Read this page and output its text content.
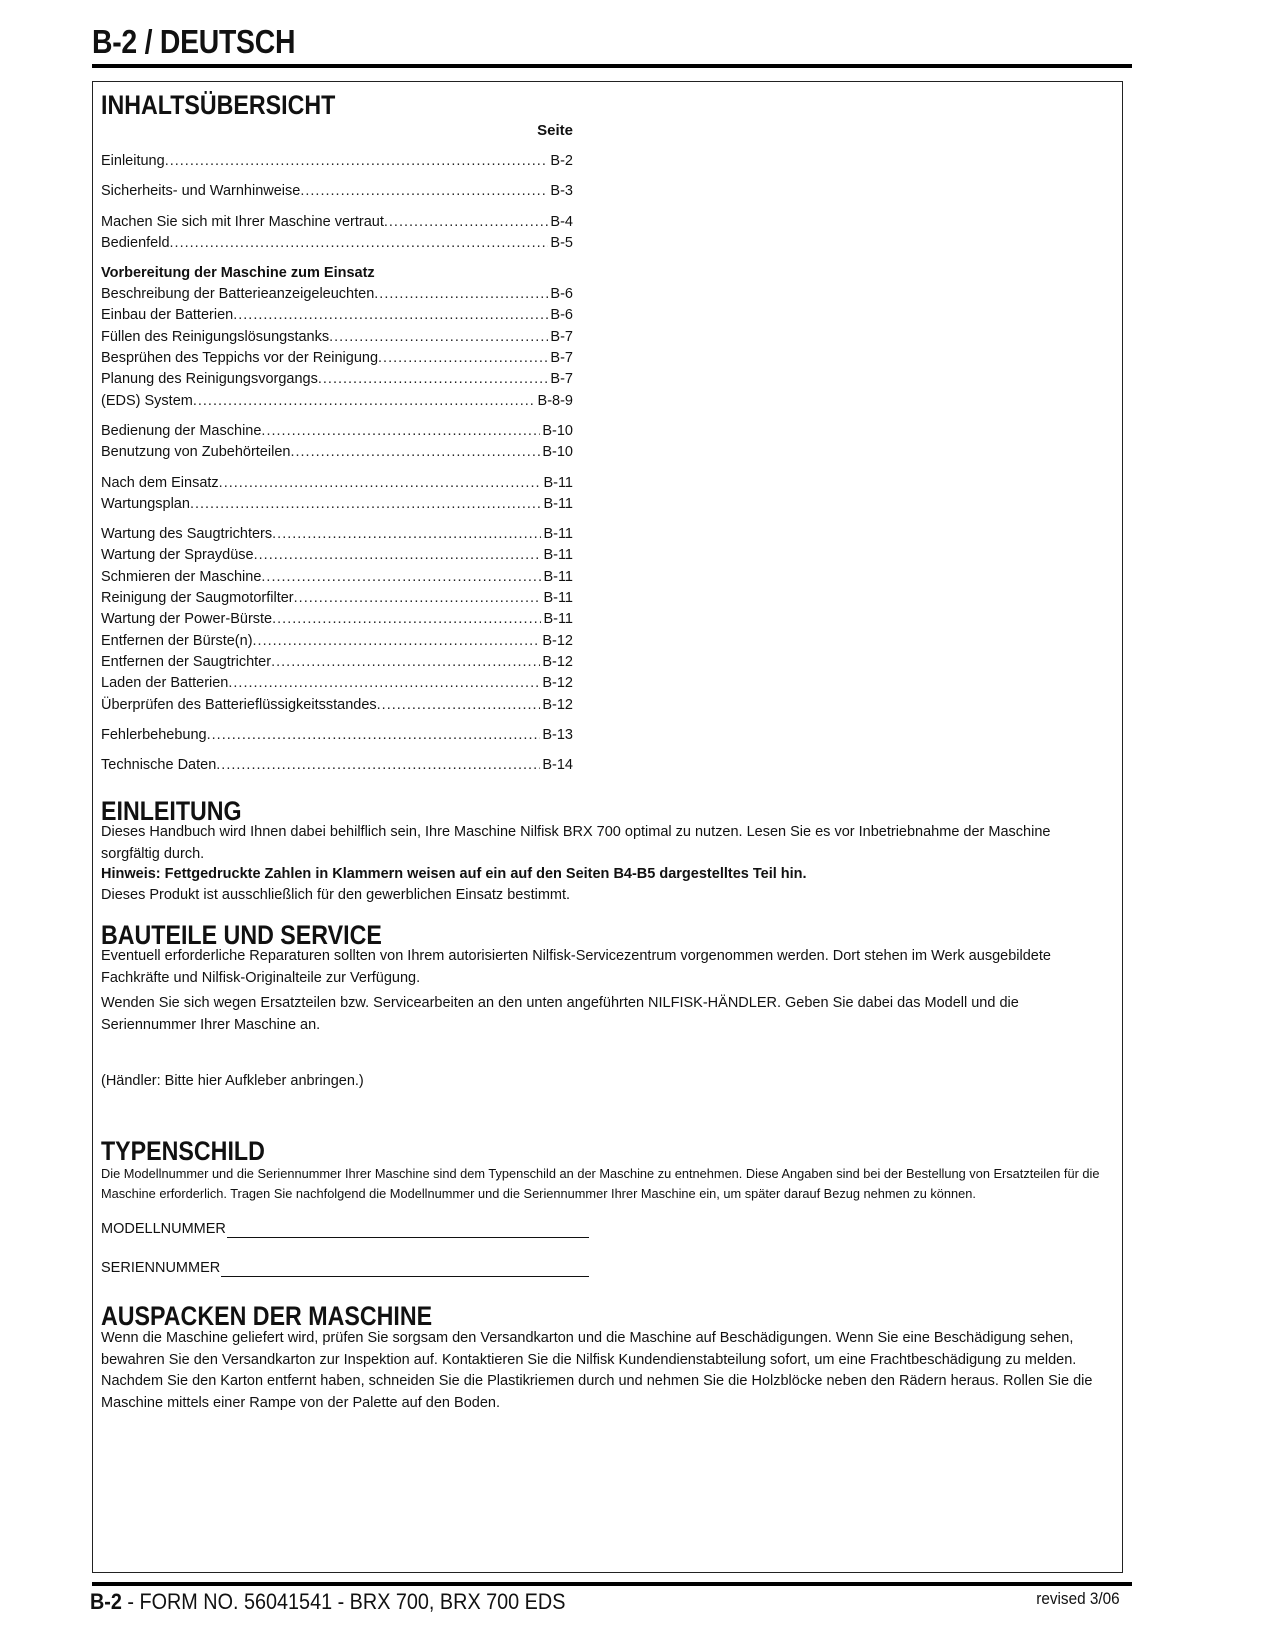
B-2 / DEUTSCH
INHALTSÜBERSICHT
Seite
Einleitung .....	B-2
Sicherheits- und Warnhinweise .....	B-3
Machen Sie sich mit Ihrer Maschine vertraut .....	B-4
Bedienfeld .....	B-5
Vorbereitung der Maschine zum Einsatz
Beschreibung der Batterieanzeigeleuchten .....	B-6
Einbau der Batterien .....	B-6
Füllen des Reinigungslösungstanks .....	B-7
Besprühen des Teppichs vor der Reinigung .....	B-7
Planung des Reinigungsvorgangs .....	B-7
(EDS) System .....	B-8-9
Bedienung der Maschine .....	B-10
Benutzung von Zubehörteilen .....	B-10
Nach dem Einsatz .....	B-11
Wartungsplan .....	B-11
Wartung des Saugtrichters .....	B-11
Wartung der Spraydüse .....	B-11
Schmieren der Maschine .....	B-11
Reinigung der Saugmotorfilter .....	B-11
Wartung der Power-Bürste .....	B-11
Entfernen der Bürste(n) .....	B-12
Entfernen der Saugtrichter .....	B-12
Laden der Batterien .....	B-12
Überprüfen des Batterieflüssigkeitsstandes .....	B-12
Fehlerbehebung .....	B-13
Technische Daten .....	B-14
EINLEITUNG

Dieses Handbuch wird Ihnen dabei behilflich sein, Ihre Maschine Nilfisk BRX 700 optimal zu nutzen. Lesen Sie es vor Inbetriebnahme der Maschine sorgfältig durch.

Hinweis: Fettgedruckte Zahlen in Klammern weisen auf ein auf den Seiten B4-B5 dargestelltes Teil hin.

Dieses Produkt ist ausschließlich für den gewerblichen Einsatz bestimmt.

BAUTEILE UND SERVICE

Eventuell erforderliche Reparaturen sollten von Ihrem autorisierten Nilfisk-Servicezentrum vorgenommen werden. Dort stehen im Werk ausgebildete Fachkräfte und Nilfisk-Originalteile zur Verfügung.

Wenden Sie sich wegen Ersatzteilen bzw. Servicearbeiten an den unten angeführten NILFISK-HÄNDLER. Geben Sie dabei das Modell und die Seriennummer Ihrer Maschine an.

(Händler: Bitte hier Aufkleber anbringen.)

TYPENSCHILD

Die Modellnummer und die Seriennummer Ihrer Maschine sind dem Typenschild an der Maschine zu entnehmen. Diese Angaben sind bei der Bestellung von Ersatzteilen für die Maschine erforderlich. Tragen Sie nachfolgend die Modellnummer und die Seriennummer Ihrer Maschine ein, um später darauf Bezug nehmen zu können.

MODELLNUMMER
SERIENNUMMER
AUSPACKEN DER MASCHINE

Wenn die Maschine geliefert wird, prüfen Sie sorgsam den Versandkarton und die Maschine auf Beschädigungen. Wenn Sie eine Beschädigung sehen, bewahren Sie den Versandkarton zur Inspektion auf. Kontaktieren Sie die Nilfisk Kundendienstabteilung sofort, um eine Frachtbeschädigung zu melden. Nachdem Sie den Karton entfernt haben, schneiden Sie die Plastikriemen durch und nehmen Sie die Holzblöcke neben den Rädern heraus. Rollen Sie die Maschine mittels einer Rampe von der Palette auf den Boden.

B-2 - FORM NO. 56041541 - BRX 700, BRX 700 EDS	revised 3/06
